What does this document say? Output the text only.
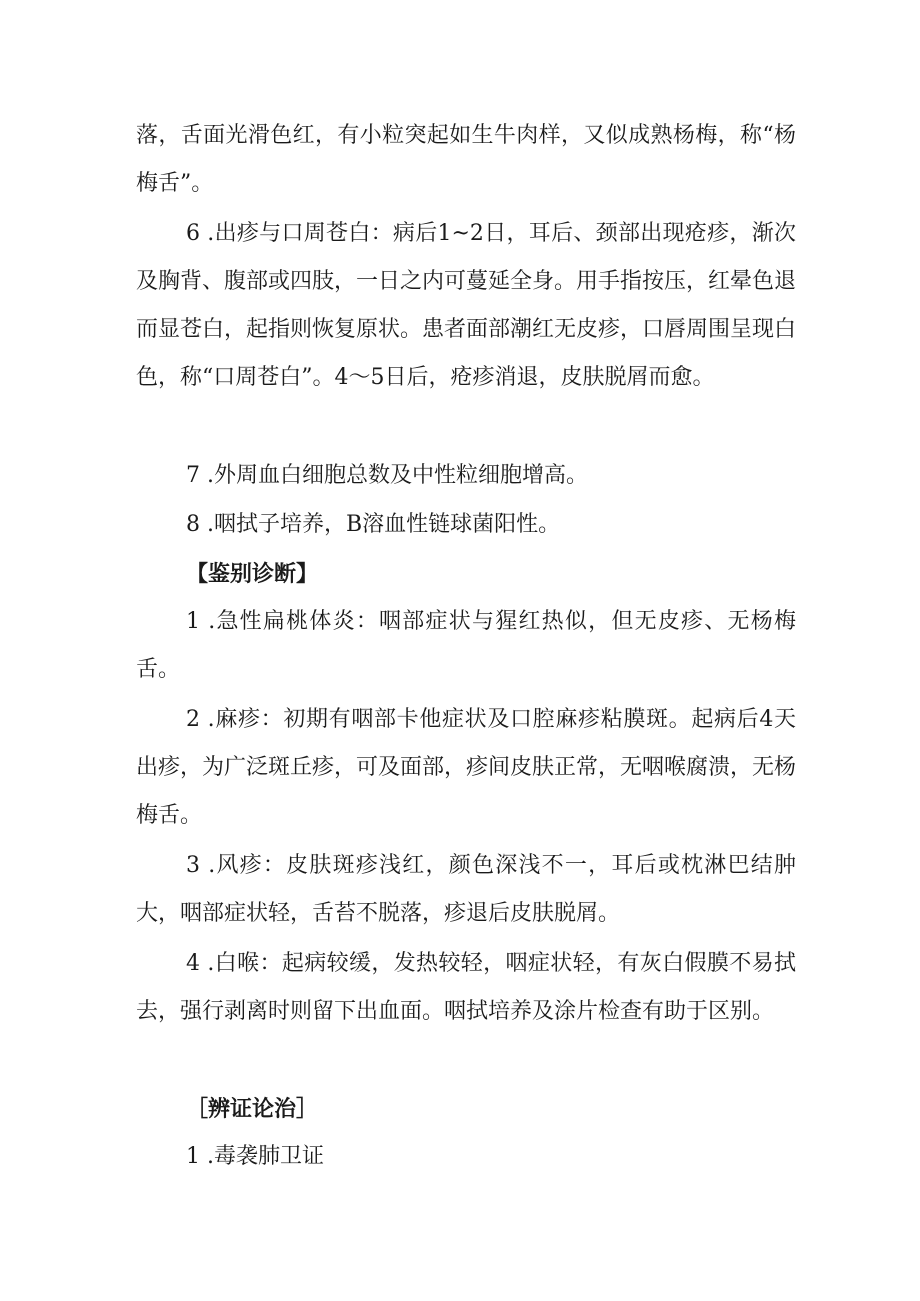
落，舌面光滑色红，有小粒突起如生牛肉样，又似成熟杨梅，称“杨梅舌”。

6 .出疹与口周苍白：病后1~2日，耳后、颈部出现疮疹，渐次及胸背、腹部或四肢，一日之内可蔓延全身。用手指按压，红晕色退而显苍白，起指则恢复原状。患者面部潮红无皮疹，口唇周围呈现白色，称“口周苍白”。4～5日后，疮疹消退，皮肤脱屑而愈。

7 .外周血白细胞总数及中性粒细胞增高。

8 .咽拭子培养，B溶血性链球菌阳性。

【鉴别诊断】

1 .急性扁桃体炎：咽部症状与猩红热似，但无皮疹、无杨梅舌。

2 .麻疹：初期有咽部卡他症状及口腔麻疹粘膜斑。起病后4天出疹，为广泛斑丘疹，可及面部，疹间皮肤正常，无咽喉腐溃，无杨梅舌。

3 .风疹：皮肤斑疹浅红，颜色深浅不一，耳后或枕淋巴结肿大，咽部症状轻，舌苔不脱落，疹退后皮肤脱屑。

4 .白喉：起病较缓，发热较轻，咽症状轻，有灰白假膜不易拭去，强行剥离时则留下出血面。咽拭培养及涂片检查有助于区别。

［辨证论治］

1 .毒袭肺卫证
